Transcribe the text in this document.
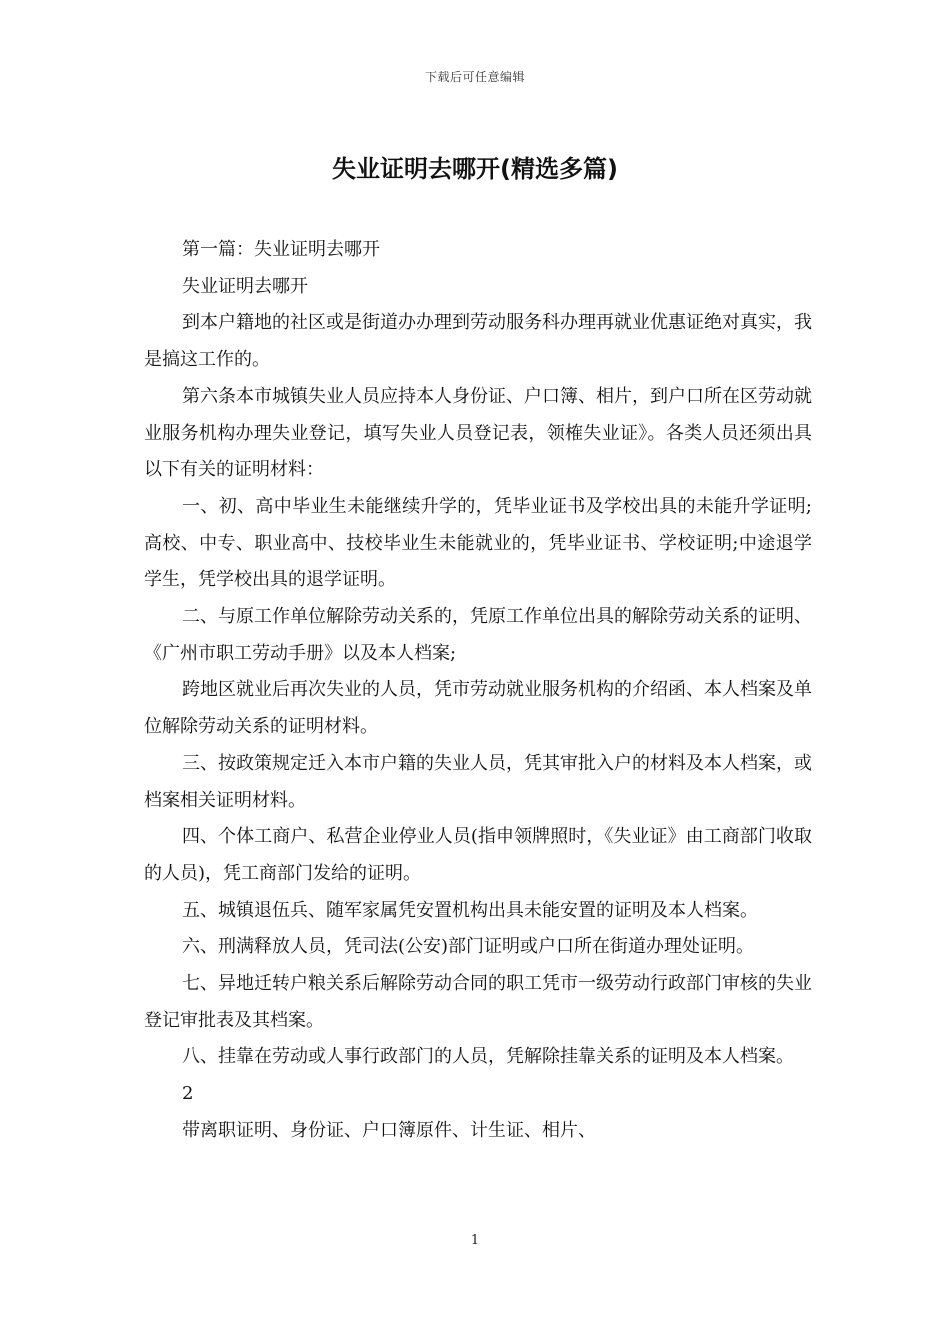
下载后可任意编辑
失业证明去哪开(精选多篇)

第一篇：失业证明去哪开

失业证明去哪开

到本户籍地的社区或是街道办办理到劳动服务科办理再就业优惠证绝对真实，我是搞这工作的。

第六条本市城镇失业人员应持本人身份证、户口簿、相片，到户口所在区劳动就业服务机构办理失业登记，填写失业人员登记表，领榷失业证》。各类人员还须出具以下有关的证明材料：

一、初、高中毕业生未能继续升学的，凭毕业证书及学校出具的未能升学证明;高校、中专、职业高中、技校毕业生未能就业的，凭毕业证书、学校证明;中途退学学生，凭学校出具的退学证明。

二、与原工作单位解除劳动关系的，凭原工作单位出具的解除劳动关系的证明、《广州市职工劳动手册》以及本人档案;

跨地区就业后再次失业的人员，凭市劳动就业服务机构的介绍函、本人档案及单位解除劳动关系的证明材料。

三、按政策规定迁入本市户籍的失业人员，凭其审批入户的材料及本人档案，或档案相关证明材料。

四、个体工商户、私营企业停业人员(指申领牌照时，《失业证》由工商部门收取的人员)，凭工商部门发给的证明。

五、城镇退伍兵、随军家属凭安置机构出具未能安置的证明及本人档案。

六、刑满释放人员，凭司法(公安)部门证明或户口所在街道办理处证明。

七、异地迁转户粮关系后解除劳动合同的职工凭市一级劳动行政部门审核的失业登记审批表及其档案。

八、挂靠在劳动或人事行政部门的人员，凭解除挂靠关系的证明及本人档案。

2

带离职证明、身份证、户口簿原件、计生证、相片、

1
